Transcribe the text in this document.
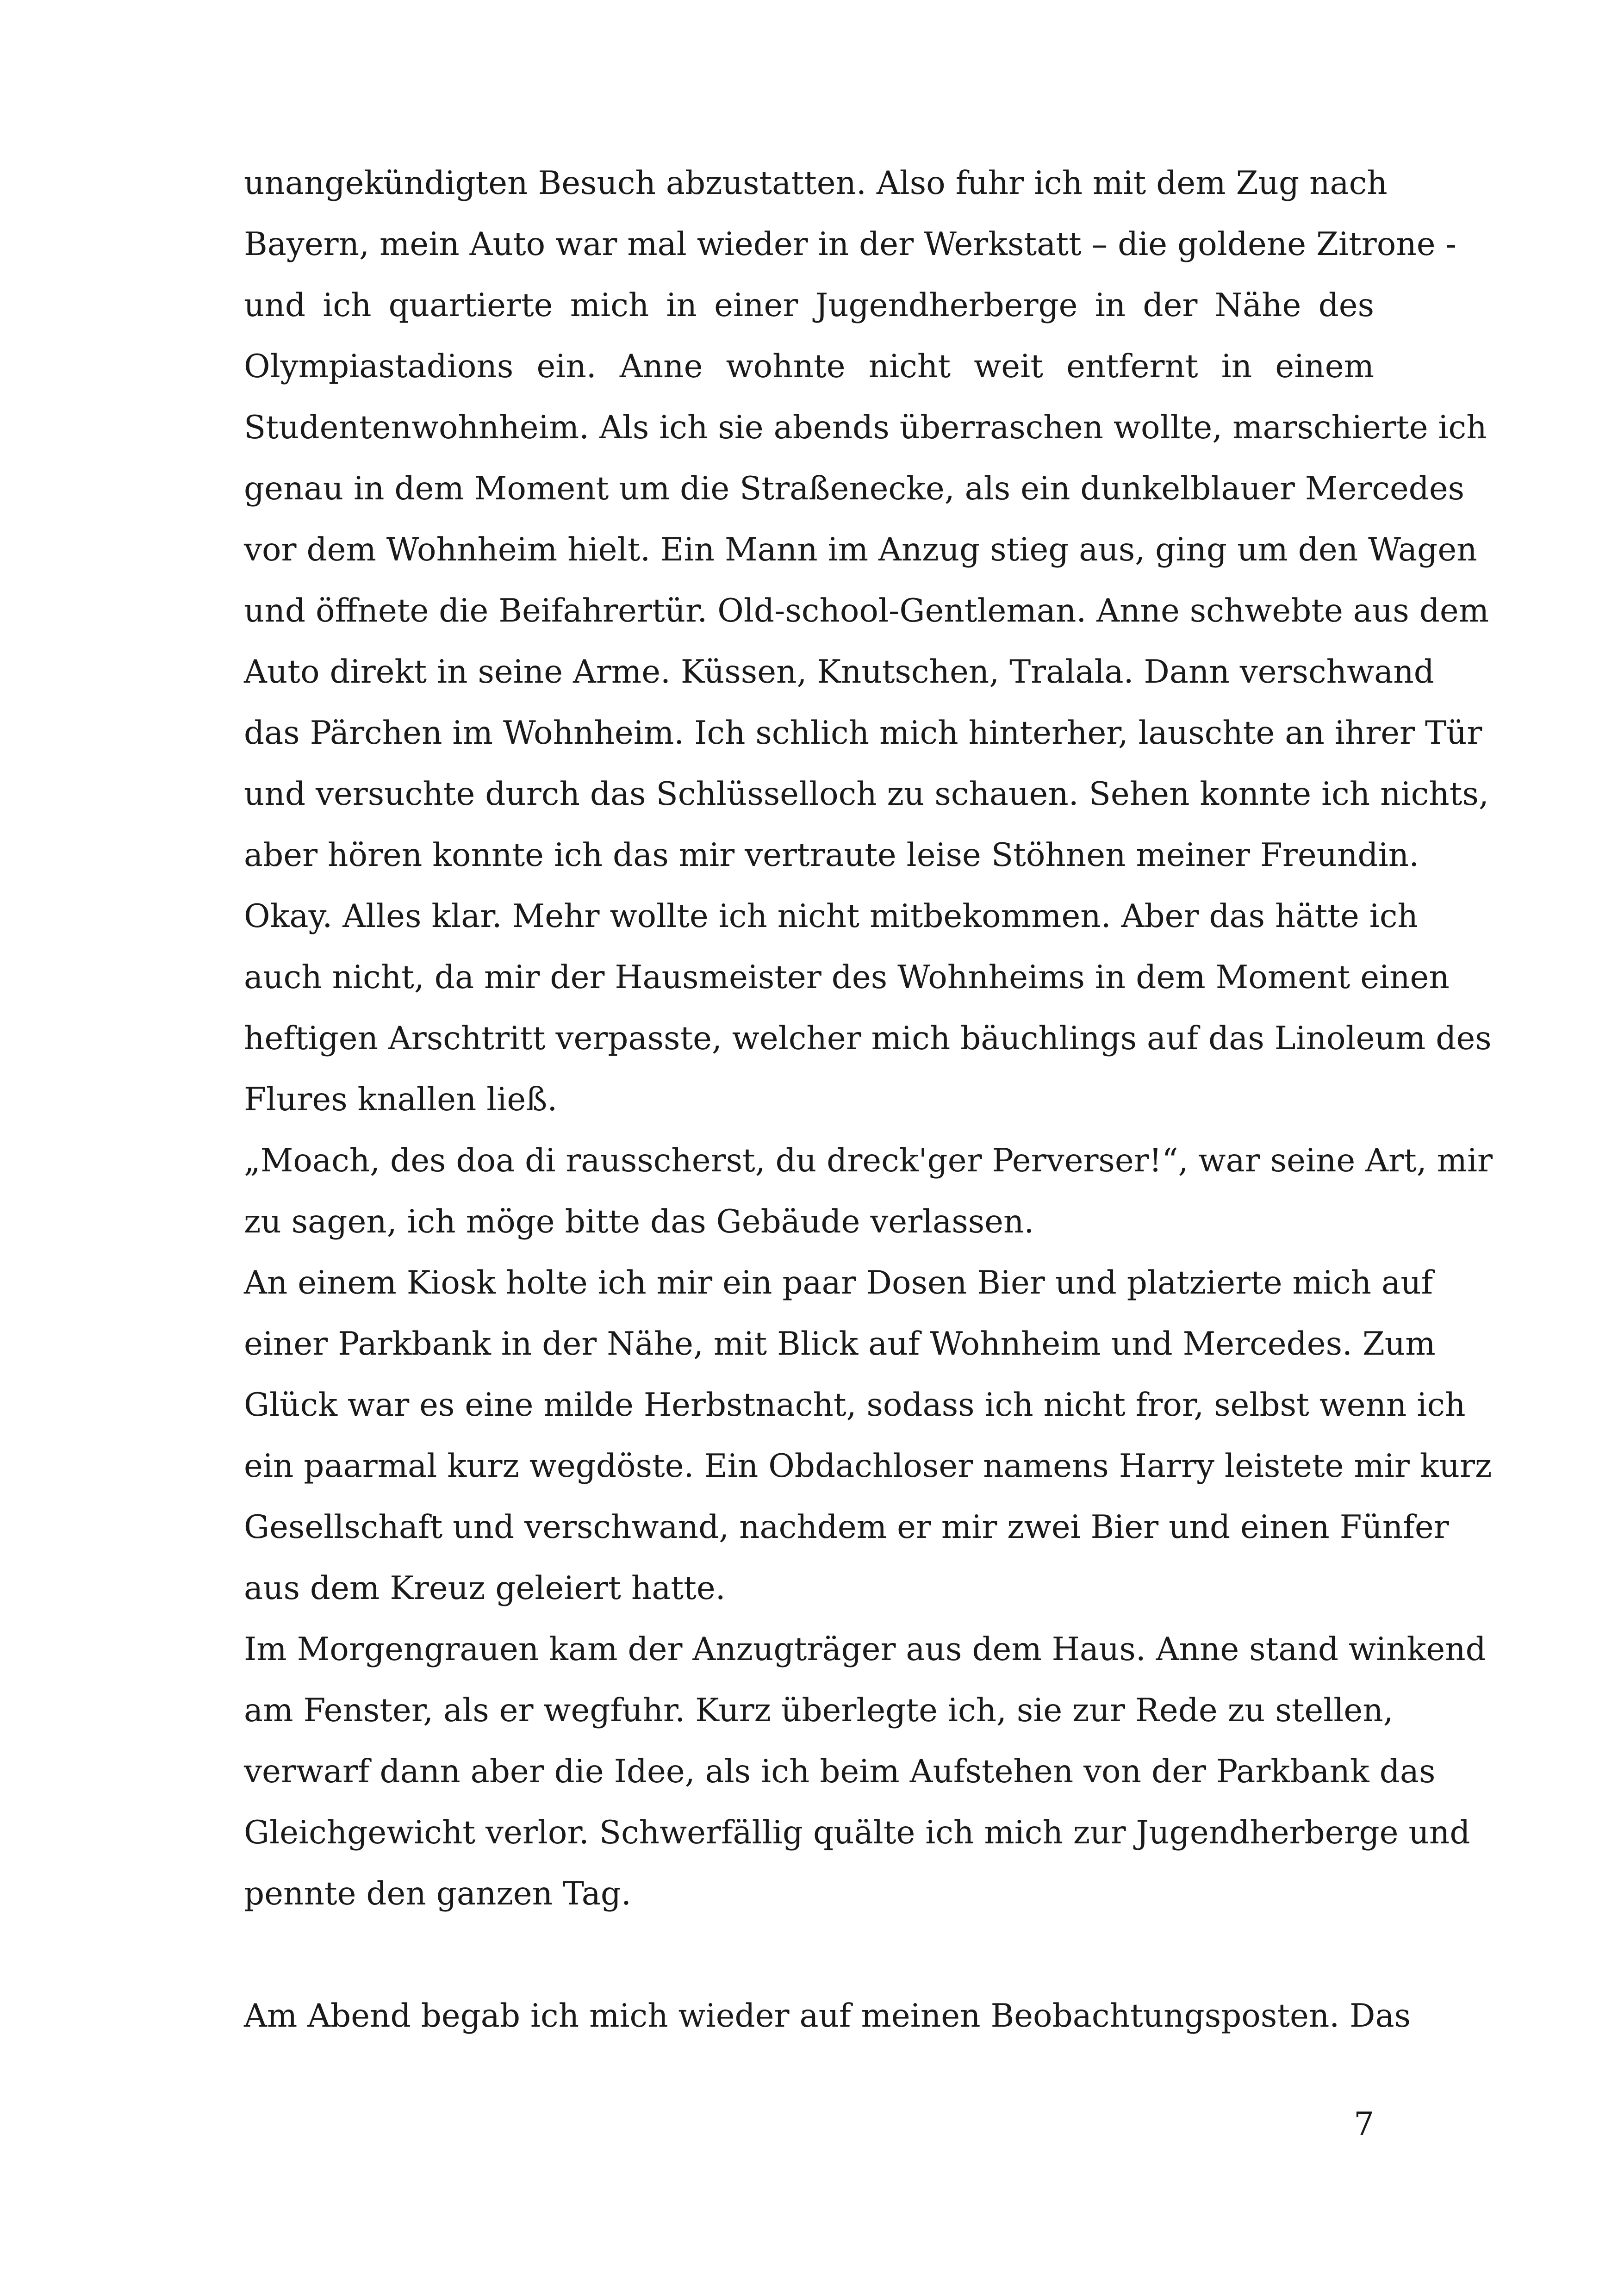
unangekündigten Besuch abzustatten. Also fuhr ich mit dem Zug nach
Bayern, mein Auto war mal wieder in der Werkstatt – die goldene Zitrone -
und ich quartierte mich in einer Jugendherberge in der Nähe des
Olympiastadions ein. Anne wohnte nicht weit entfernt in einem
Studentenwohnheim. Als ich sie abends überraschen wollte, marschierte ich
genau in dem Moment um die Straßenecke, als ein dunkelblauer Mercedes
vor dem Wohnheim hielt. Ein Mann im Anzug stieg aus, ging um den Wagen
und öffnete die Beifahrertür. Old-school-Gentleman. Anne schwebte aus dem
Auto direkt in seine Arme. Küssen, Knutschen, Tralala. Dann verschwand
das Pärchen im Wohnheim. Ich schlich mich hinterher, lauschte an ihrer Tür
und versuchte durch das Schlüsselloch zu schauen. Sehen konnte ich nichts,
aber hören konnte ich das mir vertraute leise Stöhnen meiner Freundin.
Okay. Alles klar. Mehr wollte ich nicht mitbekommen. Aber das hätte ich
auch nicht, da mir der Hausmeister des Wohnheims in dem Moment einen
heftigen Arschtritt verpasste, welcher mich bäuchlings auf das Linoleum des
Flures knallen ließ.
„Moach, des doa di rausscherst, du dreck'ger Perverser!“, war seine Art, mir
zu sagen, ich möge bitte das Gebäude verlassen.
An einem Kiosk holte ich mir ein paar Dosen Bier und platzierte mich auf
einer Parkbank in der Nähe, mit Blick auf Wohnheim und Mercedes. Zum
Glück war es eine milde Herbstnacht, sodass ich nicht fror, selbst wenn ich
ein paarmal kurz wegdöste. Ein Obdachloser namens Harry leistete mir kurz
Gesellschaft und verschwand, nachdem er mir zwei Bier und einen Fünfer
aus dem Kreuz geleiert hatte.
Im Morgengrauen kam der Anzugträger aus dem Haus. Anne stand winkend
am Fenster, als er wegfuhr. Kurz überlegte ich, sie zur Rede zu stellen,
verwarf dann aber die Idee, als ich beim Aufstehen von der Parkbank das
Gleichgewicht verlor. Schwerfällig quälte ich mich zur Jugendherberge und
pennte den ganzen Tag.
Am Abend begab ich mich wieder auf meinen Beobachtungsposten. Das
7
